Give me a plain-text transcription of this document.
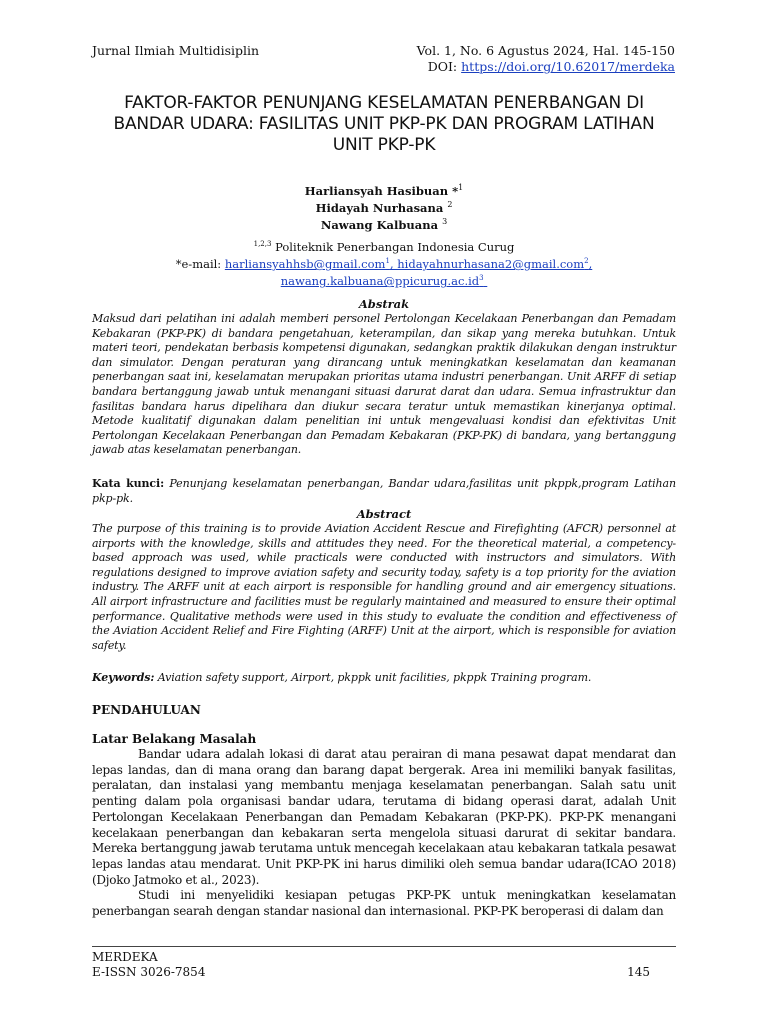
Jurnal Ilmiah Multidisiplin	Vol. 1, No. 6 Agustus 2024, Hal. 145-150
DOI: https://doi.org/10.62017/merdeka
FAKTOR-FAKTOR PENUNJANG KESELAMATAN PENERBANGAN DI BANDAR UDARA: FASILITAS UNIT PKP-PK DAN PROGRAM LATIHAN UNIT PKP-PK
Harliansyah Hasibuan *$^1$
Hidayah Nurhasana $^2$
Nawang Kalbuana $^3$
$^{1,2,3}$ Politeknik Penerbangan Indonesia Curug
*e-mail: harliansyahhsb@gmail.com$^1$, hidayahnurhasana2@gmail.com$^2$,
$nawang.kalbuana@ppicurug.ac.id^3$
Abstrak
Maksud dari pelatihan ini adalah memberi personel Pertolongan Kecelakaan Penerbangan dan Pemadam Kebakaran (PKP-PK) di bandara pengetahuan, keterampilan, dan sikap yang mereka butuhkan. Untuk materi teori, pendekatan berbasis kompetensi digunakan, sedangkan praktik dilakukan dengan instruktur dan simulator. Dengan peraturan yang dirancang untuk meningkatkan keselamatan dan keamanan penerbangan saat ini, keselamatan merupakan prioritas utama industri penerbangan. Unit ARFF di setiap bandara bertanggung jawab untuk menangani situasi darurat darat dan udara. Semua infrastruktur dan fasilitas bandara harus dipelihara dan diukur secara teratur untuk memastikan kinerjanya optimal. Metode kualitatif digunakan dalam penelitian ini untuk mengevaluasi kondisi dan efektivitas Unit Pertolongan Kecelakaan Penerbangan dan Pemadam Kebakaran (PKP-PK) di bandara, yang bertanggung jawab atas keselamatan penerbangan.
Kata kunci: Penunjang keselamatan penerbangan, Bandar udara,fasilitas unit pkppk,program Latihan pkp-pk.
Abstract
The purpose of this training is to provide Aviation Accident Rescue and Firefighting (AFCR) personnel at airports with the knowledge, skills and attitudes they need. For the theoretical material, a competency-based approach was used, while practicals were conducted with instructors and simulators. With regulations designed to improve aviation safety and security today, safety is a top priority for the aviation industry. The ARFF unit at each airport is responsible for handling ground and air emergency situations. All airport infrastructure and facilities must be regularly maintained and measured to ensure their optimal performance. Qualitative methods were used in this study to evaluate the condition and effectiveness of the Aviation Accident Relief and Fire Fighting (ARFF) Unit at the airport, which is responsible for aviation safety.
Keywords: Aviation safety support, Airport, pkppk unit facilities, pkppk Training program.
PENDAHULUAN
Latar Belakang Masalah

Bandar udara adalah lokasi di darat atau perairan di mana pesawat dapat mendarat dan lepas landas, dan di mana orang dan barang dapat bergerak. Area ini memiliki banyak fasilitas, peralatan, dan instalasi yang membantu menjaga keselamatan penerbangan. Salah satu unit penting dalam pola organisasi bandar udara, terutama di bidang operasi darat, adalah Unit Pertolongan Kecelakaan Penerbangan dan Pemadam Kebakaran (PKP-PK). PKP-PK menangani kecelakaan penerbangan dan kebakaran serta mengelola situasi darurat di sekitar bandara. Mereka bertanggung jawab terutama untuk mencegah kecelakaan atau kebakaran tatkala pesawat lepas landas atau mendarat. Unit PKP-PK ini harus dimiliki oleh semua bandar udara(ICAO 2018)(Djoko Jatmoko et al., 2023).

Studi ini menyelidiki kesiapan petugas PKP-PK untuk meningkatkan keselamatan penerbangan searah dengan standar nasional dan internasional. PKP-PK beroperasi di dalam dan

MERDEKA
E-ISSN 3026-7854	145
